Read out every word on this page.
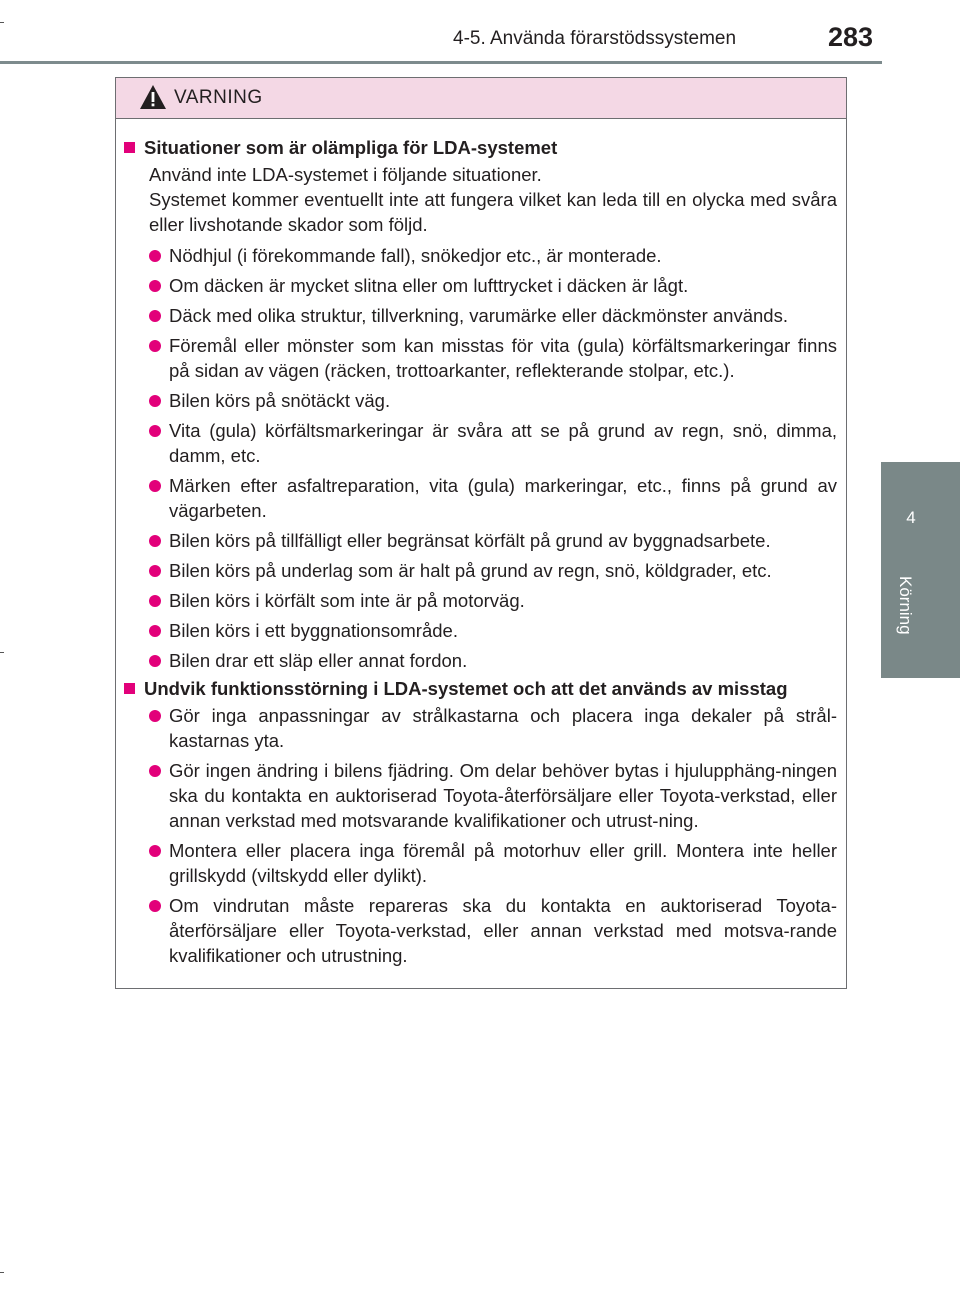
4-5. Använda förarstödssystemen	283
4
Körning
VARNING
Situationer som är olämpliga för LDA-systemet

Använd inte LDA-systemet i följande situationer.

Systemet kommer eventuellt inte att fungera vilket kan leda till en olycka med svåra eller livshotande skador som följd.

Nödhjul (i förekommande fall), snökedjor etc., är monterade.
Om däcken är mycket slitna eller om lufttrycket i däcken är lågt.
Däck med olika struktur, tillverkning, varumärke eller däckmönster används.
Föremål eller mönster som kan misstas för vita (gula) körfältsmarkeringar finns på sidan av vägen (räcken, trottoarkanter, reflekterande stolpar, etc.).
Bilen körs på snötäckt väg.
Vita (gula) körfältsmarkeringar är svåra att se på grund av regn, snö, dimma, damm, etc.
Märken efter asfaltreparation, vita (gula) markeringar, etc., finns på grund av vägarbeten.
Bilen körs på tillfälligt eller begränsat körfält på grund av byggnadsarbete.
Bilen körs på underlag som är halt på grund av regn, snö, köldgrader, etc.
Bilen körs i körfält som inte är på motorväg.
Bilen körs i ett byggnationsområde.
Bilen drar ett släp eller annat fordon.
Undvik funktionsstörning i LDA-systemet och att det används av misstag
Gör inga anpassningar av strålkastarna och placera inga dekaler på strål-kastarnas yta.
Gör ingen ändring i bilens fjädring. Om delar behöver bytas i hjulupphäng-ningen ska du kontakta en auktoriserad Toyota-återförsäljare eller Toyota-verkstad, eller annan verkstad med motsvarande kvalifikationer och utrust-ning.
Montera eller placera inga föremål på motorhuv eller grill. Montera inte heller grillskydd (viltskydd eller dylikt).
Om vindrutan måste repareras ska du kontakta en auktoriserad Toyota-återförsäljare eller Toyota-verkstad, eller annan verkstad med motsva-rande kvalifikationer och utrustning.
